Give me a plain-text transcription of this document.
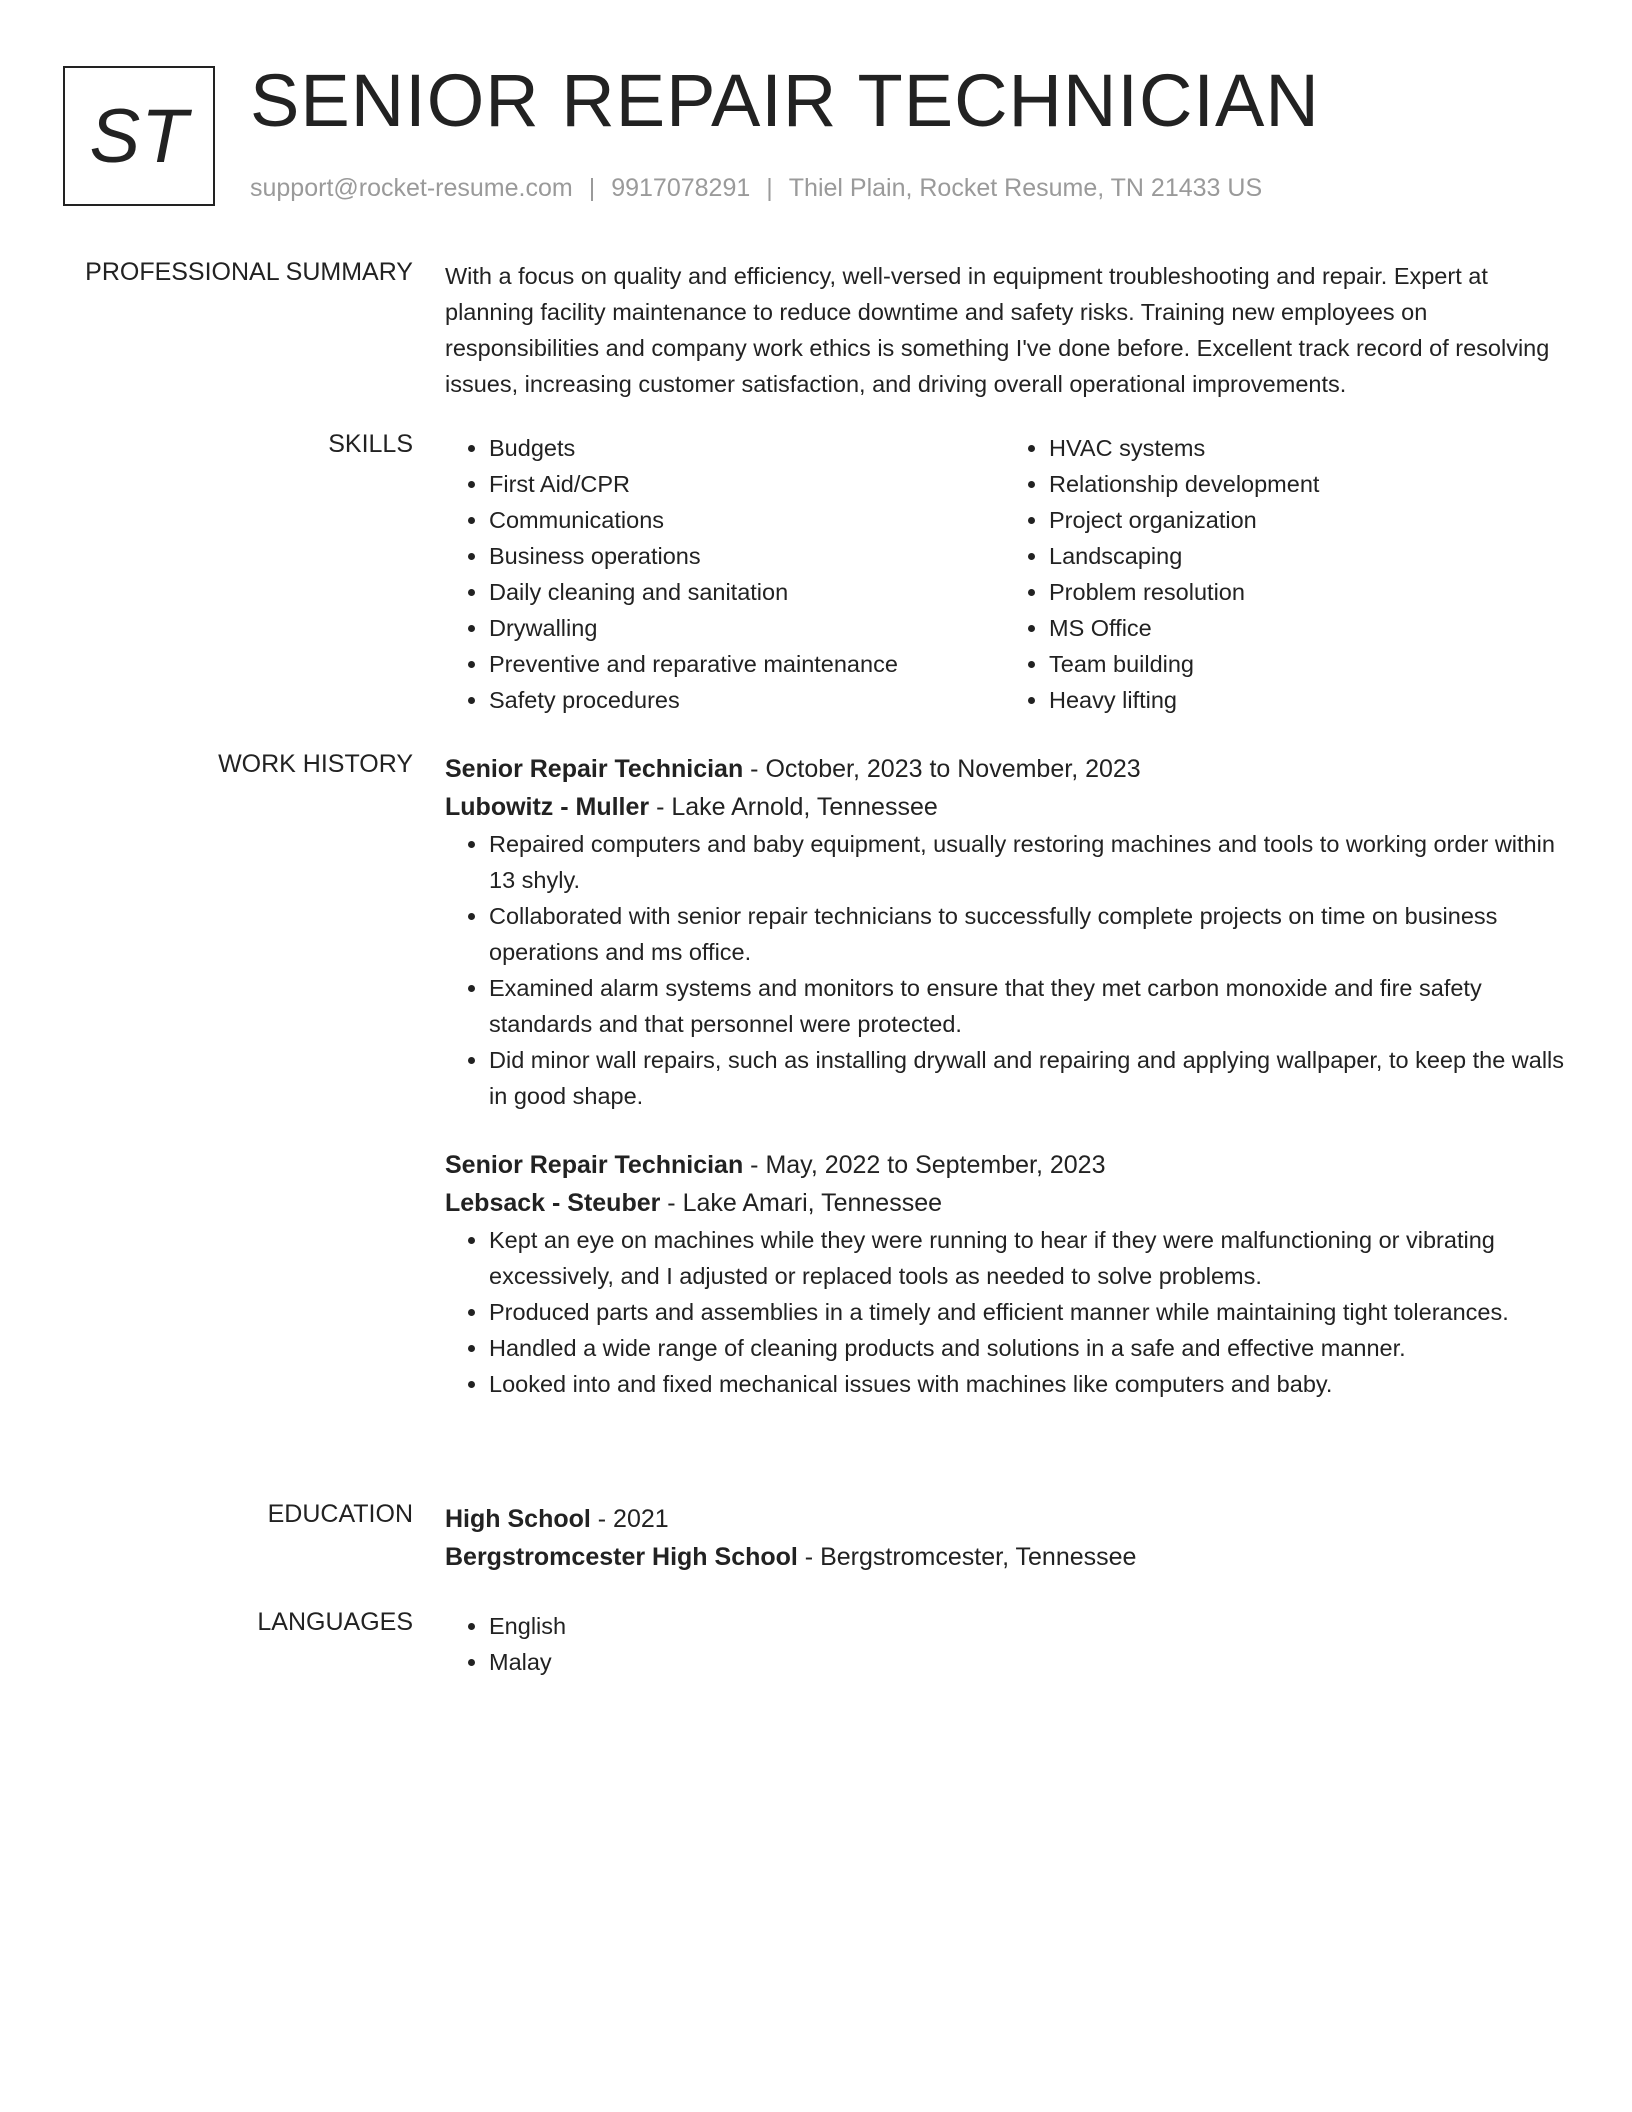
ST SENIOR REPAIR TECHNICIAN
support@rocket-resume.com | 9917078291 | Thiel Plain, Rocket Resume, TN 21433 US
PROFESSIONAL SUMMARY With a focus on quality and efficiency, well-versed in equipment troubleshooting and repair. Expert at planning facility maintenance to reduce downtime and safety risks. Training new employees on responsibilities and company work ethics is something I've done before. Excellent track record of resolving issues, increasing customer satisfaction, and driving overall operational improvements.
SKILLS	• Budgets
• First Aid/CPR
• Communications
• Business operations
• Daily cleaning and sanitation
• Drywalling
• Preventive and reparative maintenance
• Safety procedures
• HVAC systems
• Relationship development
• Project organization
• Landscaping
• Problem resolution
• MS Office
• Team building
• Heavy lifting
WORK HISTORY Senior Repair Technician - October, 2023 to November, 2023
Lubowitz - Muller - Lake Arnold, Tennessee
• Repaired computers and baby equipment, usually restoring machines and tools to working order within 13 shyly.
• Collaborated with senior repair technicians to successfully complete projects on time on business operations and ms office.
• Examined alarm systems and monitors to ensure that they met carbon monoxide and fire safety standards and that personnel were protected.
• Did minor wall repairs, such as installing drywall and repairing and applying wallpaper, to keep the walls in good shape.
Senior Repair Technician - May, 2022 to September, 2023
Lebsack - Steuber - Lake Amari, Tennessee
• Kept an eye on machines while they were running to hear if they were malfunctioning or vibrating excessively, and I adjusted or replaced tools as needed to solve problems.
• Produced parts and assemblies in a timely and efficient manner while maintaining tight tolerances.
• Handled a wide range of cleaning products and solutions in a safe and effective manner.
• Looked into and fixed mechanical issues with machines like computers and baby.
EDUCATION High School - 2021
Bergstromcester High School - Bergstromcester, Tennessee
LANGUAGES	• English
• Malay
